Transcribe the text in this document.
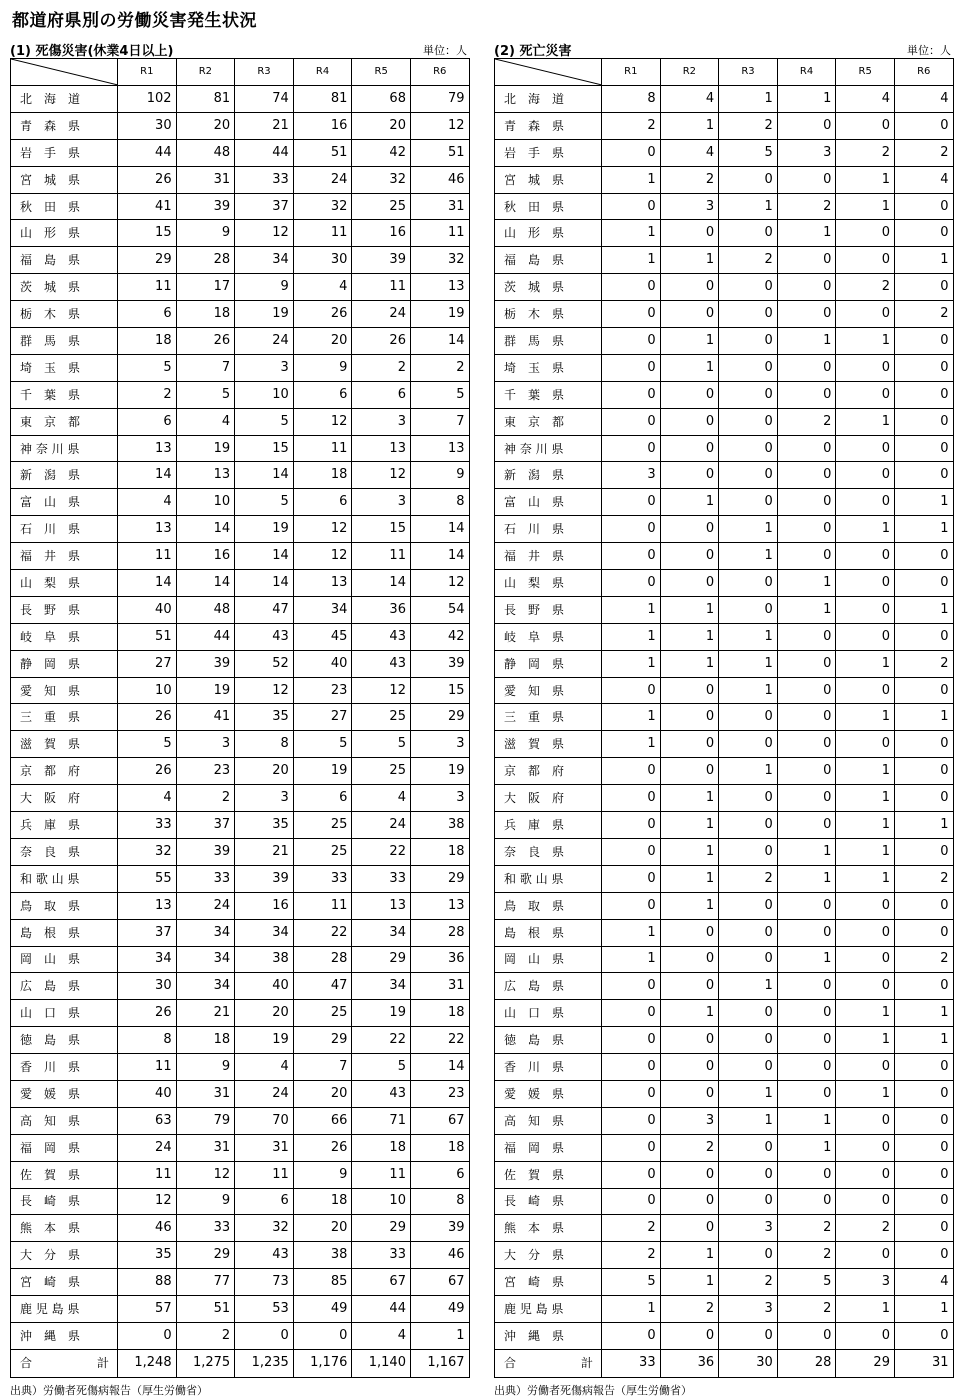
都道府県別の労働災害発生状況
(1) 死傷災害(休業4日以上)	単位：人
	R1	R2	R3	R4	R5	R6
北　海　道	102	81	74	81	68	79
青　森　県	30	20	21	16	20	12
岩　手　県	44	48	44	51	42	51
宮　城　県	26	31	33	24	32	46
秋　田　県	41	39	37	32	25	31
山　形　県	15	9	12	11	16	11
福　島　県	29	28	34	30	39	32
茨　城　県	11	17	9	4	11	13
栃　木　県	6	18	19	26	24	19
群　馬　県	18	26	24	20	26	14
埼　玉　県	5	7	3	9	2	2
千　葉　県	2	5	10	6	6	5
東　京　都	6	4	5	12	3	7
神 奈 川 県	13	19	15	11	13	13
新　潟　県	14	13	14	18	12	9
富　山　県	4	10	5	6	3	8
石　川　県	13	14	19	12	15	14
福　井　県	11	16	14	12	11	14
山　梨　県	14	14	14	13	14	12
長　野　県	40	48	47	34	36	54
岐　阜　県	51	44	43	45	43	42
静　岡　県	27	39	52	40	43	39
愛　知　県	10	19	12	23	12	15
三　重　県	26	41	35	27	25	29
滋　賀　県	5	3	8	5	5	3
京　都　府	26	23	20	19	25	19
大　阪　府	4	2	3	6	4	3
兵　庫　県	33	37	35	25	24	38
奈　良　県	32	39	21	25	22	18
和 歌 山 県	55	33	39	33	33	29
鳥　取　県	13	24	16	11	13	13
島　根　県	37	34	34	22	34	28
岡　山　県	34	34	38	28	29	36
広　島　県	30	34	40	47	34	31
山　口　県	26	21	20	25	19	18
徳　島　県	8	18	19	29	22	22
香　川　県	11	9	4	7	5	14
愛　媛　県	40	31	24	20	43	23
高　知　県	63	79	70	66	71	67
福　岡　県	24	31	31	26	18	18
佐　賀　県	11	12	11	9	11	6
長　崎　県	12	9	6	18	10	8
熊　本　県	46	33	32	20	29	39
大　分　県	35	29	43	38	33	46
宮　崎　県	88	77	73	85	67	67
鹿 児 島 県	57	51	53	49	44	49
沖　縄　県	0	2	0	0	4	1

合 計	1,248	1,275	1,235	1,176	1,140	1,167
(2) 死亡災害	単位：人
	R1	R2	R3	R4	R5	R6
北　海　道	8	4	1	1	4	4
青　森　県	2	1	2	0	0	0
岩　手　県	0	4	5	3	2	2
宮　城　県	1	2	0	0	1	4
秋　田　県	0	3	1	2	1	0
山　形　県	1	0	0	1	0	0
福　島　県	1	1	2	0	0	1
茨　城　県	0	0	0	0	2	0
栃　木　県	0	0	0	0	0	2
群　馬　県	0	1	0	1	1	0
埼　玉　県	0	1	0	0	0	0
千　葉　県	0	0	0	0	0	0
東　京　都	0	0	0	2	1	0
神 奈 川 県	0	0	0	0	0	0
新　潟　県	3	0	0	0	0	0
富　山　県	0	1	0	0	0	1
石　川　県	0	0	1	0	1	1
福　井　県	0	0	1	0	0	0
山　梨　県	0	0	0	1	0	0
長　野　県	1	1	0	1	0	1
岐　阜　県	1	1	1	0	0	0
静　岡　県	1	1	1	0	1	2
愛　知　県	0	0	1	0	0	0
三　重　県	1	0	0	0	1	1
滋　賀　県	1	0	0	0	0	0
京　都　府	0	0	1	0	1	0
大　阪　府	0	1	0	0	1	0
兵　庫　県	0	1	0	0	1	1
奈　良　県	0	1	0	1	1	0
和 歌 山 県	0	1	2	1	1	2
鳥　取　県	0	1	0	0	0	0
島　根　県	1	0	0	0	0	0
岡　山　県	1	0	0	1	0	2
広　島　県	0	0	1	0	0	0
山　口　県	0	1	0	0	1	1
徳　島　県	0	0	0	0	1	1
香　川　県	0	0	0	0	0	0
愛　媛　県	0	0	1	0	1	0
高　知　県	0	3	1	1	0	0
福　岡　県	0	2	0	1	0	0
佐　賀　県	0	0	0	0	0	0
長　崎　県	0	0	0	0	0	0
熊　本　県	2	0	3	2	2	0
大　分　県	2	1	0	2	0	0
宮　崎　県	5	1	2	5	3	4
鹿 児 島 県	1	2	3	2	1	1
沖　縄　県	0	0	0	0	0	0

合 計	33	36	30	28	29	31
出典）労働者死傷病報告（厚生労働省）	出典）労働者死傷病報告（厚生労働省）
